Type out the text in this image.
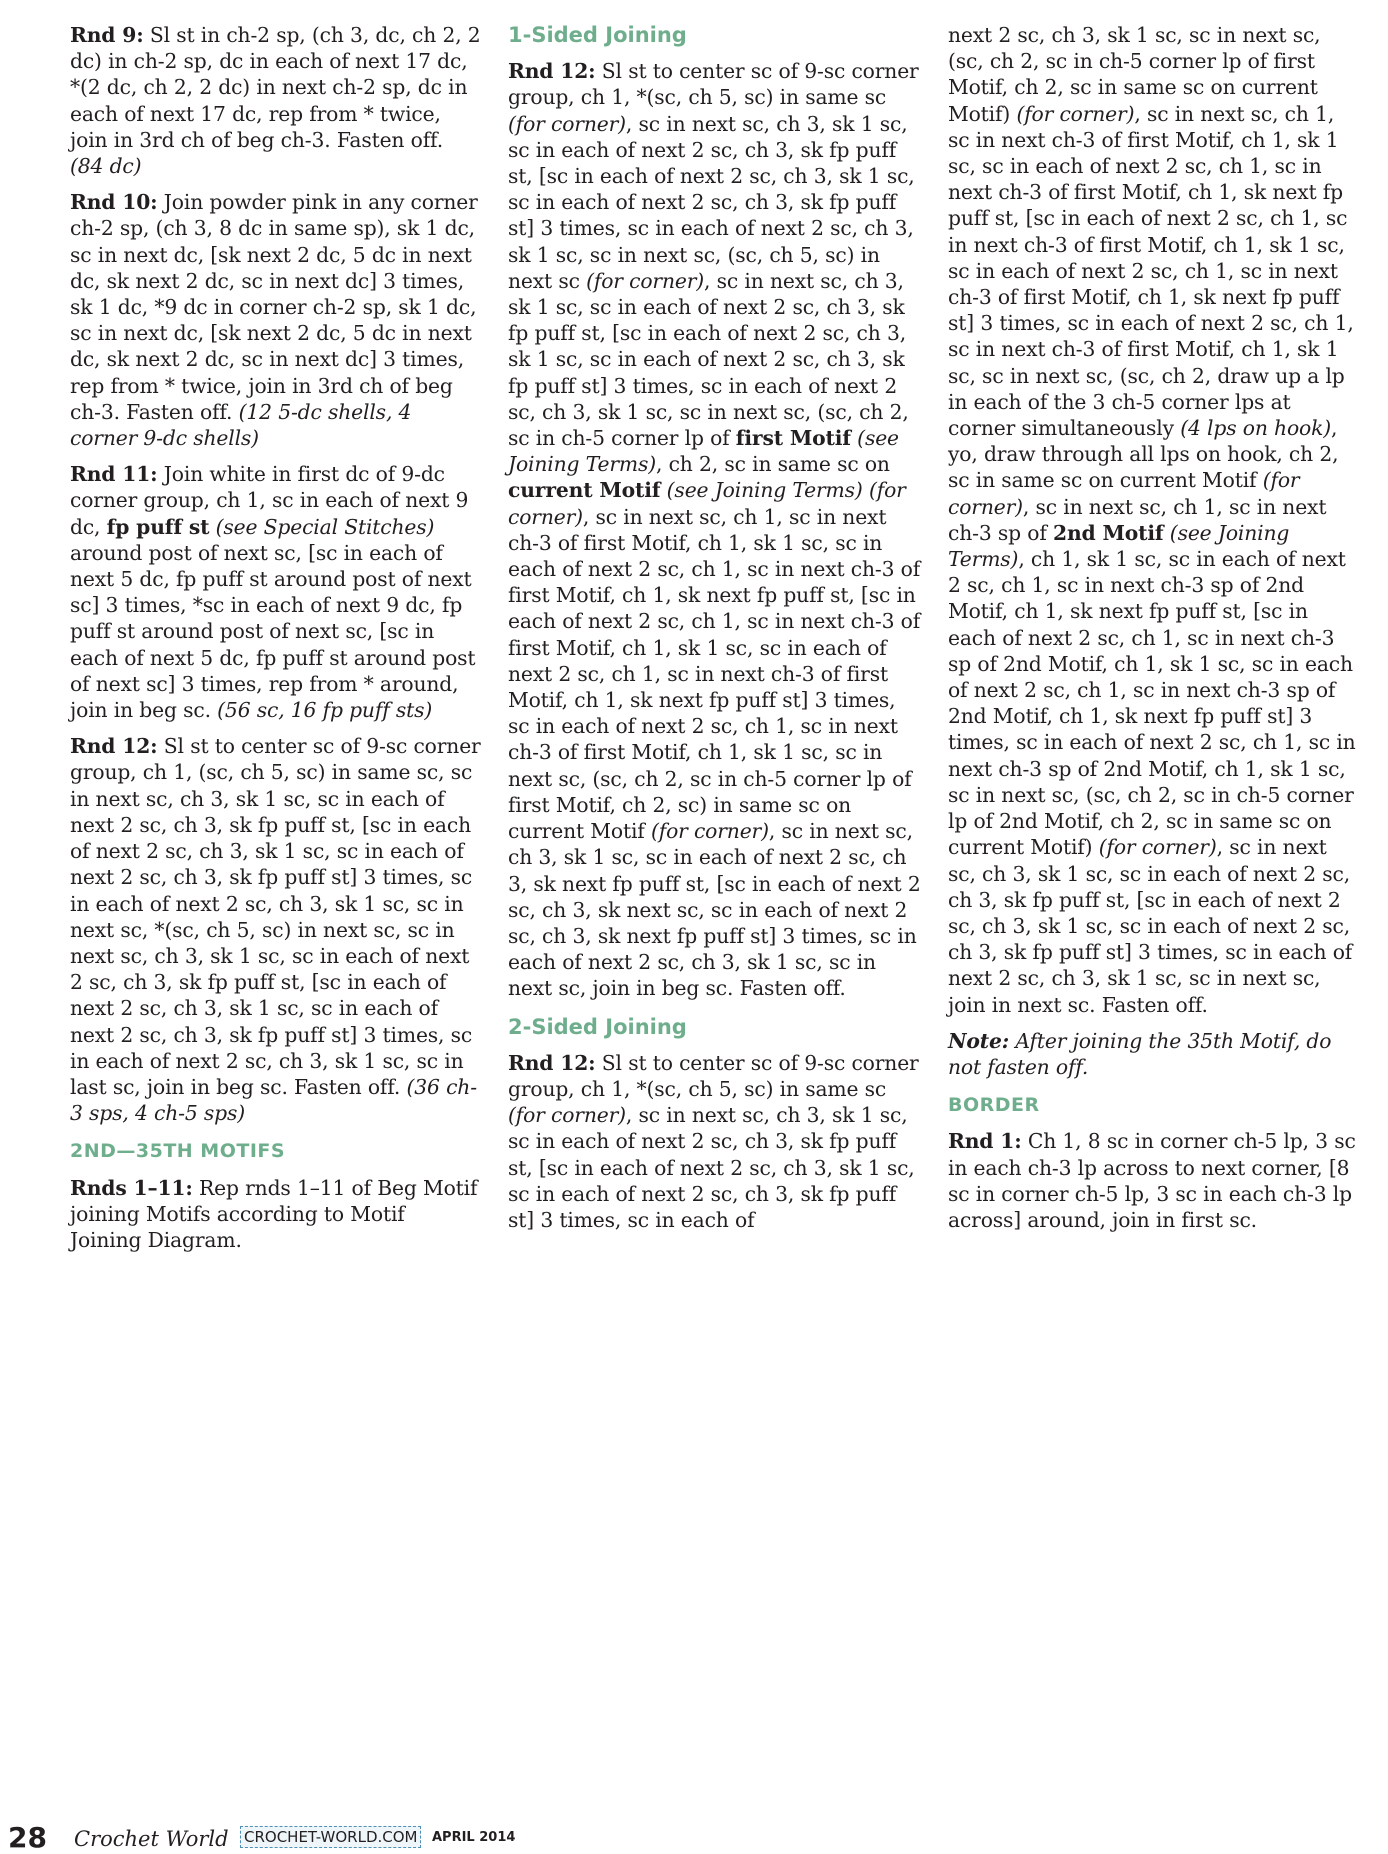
Rnd 9: Sl st in ch-2 sp, (ch 3, dc, ch 2, 2 dc) in ch-2 sp, dc in each of next 17 dc, *(2 dc, ch 2, 2 dc) in next ch-2 sp, dc in each of next 17 dc, rep from * twice, join in 3rd ch of beg ch-3. Fasten off. (84 dc)

Rnd 10: Join powder pink in any corner ch-2 sp, (ch 3, 8 dc in same sp), sk 1 dc, sc in next dc, [sk next 2 dc, 5 dc in next dc, sk next 2 dc, sc in next dc] 3 times, sk 1 dc, *9 dc in corner ch-2 sp, sk 1 dc, sc in next dc, [sk next 2 dc, 5 dc in next dc, sk next 2 dc, sc in next dc] 3 times, rep from * twice, join in 3rd ch of beg ch-3. Fasten off. (12 5-dc shells, 4 corner 9-dc shells)

Rnd 11: Join white in first dc of 9-dc corner group, ch 1, sc in each of next 9 dc, fp puff st (see Special Stitches) around post of next sc, [sc in each of next 5 dc, fp puff st around post of next sc] 3 times, *sc in each of next 9 dc, fp puff st around post of next sc, [sc in each of next 5 dc, fp puff st around post of next sc] 3 times, rep from * around, join in beg sc. (56 sc, 16 fp puff sts)

Rnd 12: Sl st to center sc of 9-sc corner group, ch 1, (sc, ch 5, sc) in same sc, sc in next sc, ch 3, sk 1 sc, sc in each of next 2 sc, ch 3, sk fp puff st, [sc in each of next 2 sc, ch 3, sk 1 sc, sc in each of next 2 sc, ch 3, sk fp puff st] 3 times, sc in each of next 2 sc, ch 3, sk 1 sc, sc in next sc, *(sc, ch 5, sc) in next sc, sc in next sc, ch 3, sk 1 sc, sc in each of next 2 sc, ch 3, sk fp puff st, [sc in each of next 2 sc, ch 3, sk 1 sc, sc in each of next 2 sc, ch 3, sk fp puff st] 3 times, sc in each of next 2 sc, ch 3, sk 1 sc, sc in last sc, join in beg sc. Fasten off. (36 ch-3 sps, 4 ch-5 sps)

2ND—35TH MOTIFS

Rnds 1–11: Rep rnds 1–11 of Beg Motif joining Motifs according to Motif Joining Diagram.

1-Sided Joining

Rnd 12: Sl st to center sc of 9-sc corner group, ch 1, *(sc, ch 5, sc) in same sc (for corner), sc in next sc, ch 3, sk 1 sc, sc in each of next 2 sc, ch 3, sk fp puff st, [sc in each of next 2 sc, ch 3, sk 1 sc, sc in each of next 2 sc, ch 3, sk fp puff st] 3 times, sc in each of next 2 sc, ch 3, sk 1 sc, sc in next sc, (sc, ch 5, sc) in next sc (for corner), sc in next sc, ch 3, sk 1 sc, sc in each of next 2 sc, ch 3, sk fp puff st, [sc in each of next 2 sc, ch 3, sk 1 sc, sc in each of next 2 sc, ch 3, sk fp puff st] 3 times, sc in each of next 2 sc, ch 3, sk 1 sc, sc in next sc, (sc, ch 2, sc in ch-5 corner lp of first Motif (see Joining Terms), ch 2, sc in same sc on current Motif (see Joining Terms) (for corner), sc in next sc, ch 1, sc in next ch-3 of first Motif, ch 1, sk 1 sc, sc in each of next 2 sc, ch 1, sc in next ch-3 of first Motif, ch 1, sk next fp puff st, [sc in each of next 2 sc, ch 1, sc in next ch-3 of first Motif, ch 1, sk 1 sc, sc in each of next 2 sc, ch 1, sc in next ch-3 of first Motif, ch 1, sk next fp puff st] 3 times, sc in each of next 2 sc, ch 1, sc in next ch-3 of first Motif, ch 1, sk 1 sc, sc in next sc, (sc, ch 2, sc in ch-5 corner lp of first Motif, ch 2, sc) in same sc on current Motif (for corner), sc in next sc, ch 3, sk 1 sc, sc in each of next 2 sc, ch 3, sk next fp puff st, [sc in each of next 2 sc, ch 3, sk next sc, sc in each of next 2 sc, ch 3, sk next fp puff st] 3 times, sc in each of next 2 sc, ch 3, sk 1 sc, sc in next sc, join in beg sc. Fasten off.

2-Sided Joining

Rnd 12: Sl st to center sc of 9-sc corner group, ch 1, *(sc, ch 5, sc) in same sc (for corner), sc in next sc, ch 3, sk 1 sc, sc in each of next 2 sc, ch 3, sk fp puff st, [sc in each of next 2 sc, ch 3, sk 1 sc, sc in each of next 2 sc, ch 3, sk fp puff st] 3 times, sc in each of

next 2 sc, ch 3, sk 1 sc, sc in next sc, (sc, ch 2, sc in ch-5 corner lp of first Motif, ch 2, sc in same sc on current Motif) (for corner), sc in next sc, ch 1, sc in next ch-3 of first Motif, ch 1, sk 1 sc, sc in each of next 2 sc, ch 1, sc in next ch-3 of first Motif, ch 1, sk next fp puff st, [sc in each of next 2 sc, ch 1, sc in next ch-3 of first Motif, ch 1, sk 1 sc, sc in each of next 2 sc, ch 1, sc in next ch-3 of first Motif, ch 1, sk next fp puff st] 3 times, sc in each of next 2 sc, ch 1, sc in next ch-3 of first Motif, ch 1, sk 1 sc, sc in next sc, (sc, ch 2, draw up a lp in each of the 3 ch-5 corner lps at corner simultaneously (4 lps on hook), yo, draw through all lps on hook, ch 2, sc in same sc on current Motif (for corner), sc in next sc, ch 1, sc in next ch-3 sp of 2nd Motif (see Joining Terms), ch 1, sk 1 sc, sc in each of next 2 sc, ch 1, sc in next ch-3 sp of 2nd Motif, ch 1, sk next fp puff st, [sc in each of next 2 sc, ch 1, sc in next ch-3 sp of 2nd Motif, ch 1, sk 1 sc, sc in each of next 2 sc, ch 1, sc in next ch-3 sp of 2nd Motif, ch 1, sk next fp puff st] 3 times, sc in each of next 2 sc, ch 1, sc in next ch-3 sp of 2nd Motif, ch 1, sk 1 sc, sc in next sc, (sc, ch 2, sc in ch-5 corner lp of 2nd Motif, ch 2, sc in same sc on current Motif) (for corner), sc in next sc, ch 3, sk 1 sc, sc in each of next 2 sc, ch 3, sk fp puff st, [sc in each of next 2 sc, ch 3, sk 1 sc, sc in each of next 2 sc, ch 3, sk fp puff st] 3 times, sc in each of next 2 sc, ch 3, sk 1 sc, sc in next sc, join in next sc. Fasten off.

Note: After joining the 35th Motif, do not fasten off.

BORDER

Rnd 1: Ch 1, 8 sc in corner ch-5 lp, 3 sc in each ch-3 lp across to next corner, [8 sc in corner ch-5 lp, 3 sc in each ch-3 lp across] around, join in first sc.

28 Crochet World CROCHET-WORLD.COM	APRIL 2014
